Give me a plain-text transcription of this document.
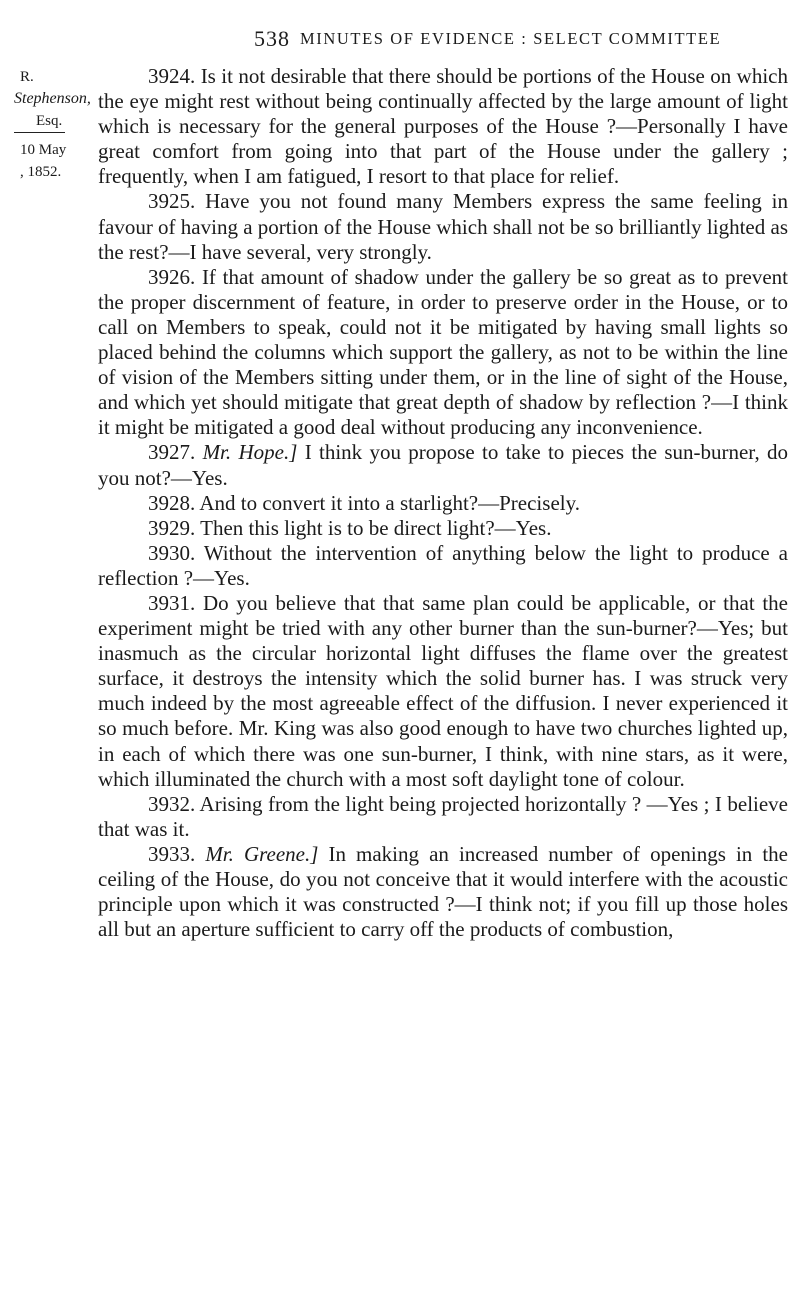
538 MINUTES OF EVIDENCE : SELECT COMMITTEE
R.
Stephenson,
Esq.
10 May
, 1852.

3924. Is it not desirable that there should be portions of the House on which the eye might rest without being continually affected by the large amount of light which is necessary for the general purposes of the House ?—Personally I have great comfort from going into that part of the House under the gallery ; frequently, when I am fatigued, I resort to that place for relief.

3925. Have you not found many Members express the same feeling in favour of having a portion of the House which shall not be so brilliantly lighted as the rest?—I have several, very strongly.

3926. If that amount of shadow under the gallery be so great as to prevent the proper discernment of feature, in order to preserve order in the House, or to call on Members to speak, could not it be mitigated by having small lights so placed behind the columns which support the gallery, as not to be within the line of vision of the Members sitting under them, or in the line of sight of the House, and which yet should mitigate that great depth of shadow by reflection ?—I think it might be mitigated a good deal without producing any inconvenience.

3927. Mr. Hope.] I think you propose to take to pieces the sun-burner, do you not?—Yes.

3928. And to convert it into a starlight?—Precisely.

3929. Then this light is to be direct light?—Yes.

3930. Without the intervention of anything below the light to produce a reflection ?—Yes.

3931. Do you believe that that same plan could be applicable, or that the experiment might be tried with any other burner than the sun-burner?—Yes; but inasmuch as the circular horizontal light diffuses the flame over the greatest surface, it destroys the intensity which the solid burner has. I was struck very much indeed by the most agreeable effect of the diffusion. I never experienced it so much before. Mr. King was also good enough to have two churches lighted up, in each of which there was one sun-burner, I think, with nine stars, as it were, which illuminated the church with a most soft daylight tone of colour.

3932. Arising from the light being projected horizontally ? —Yes ; I believe that was it.

3933. Mr. Greene.] In making an increased number of openings in the ceiling of the House, do you not conceive that it would interfere with the acoustic principle upon which it was constructed ?—I think not; if you fill up those holes all but an aperture sufficient to carry off the products of combustion,
